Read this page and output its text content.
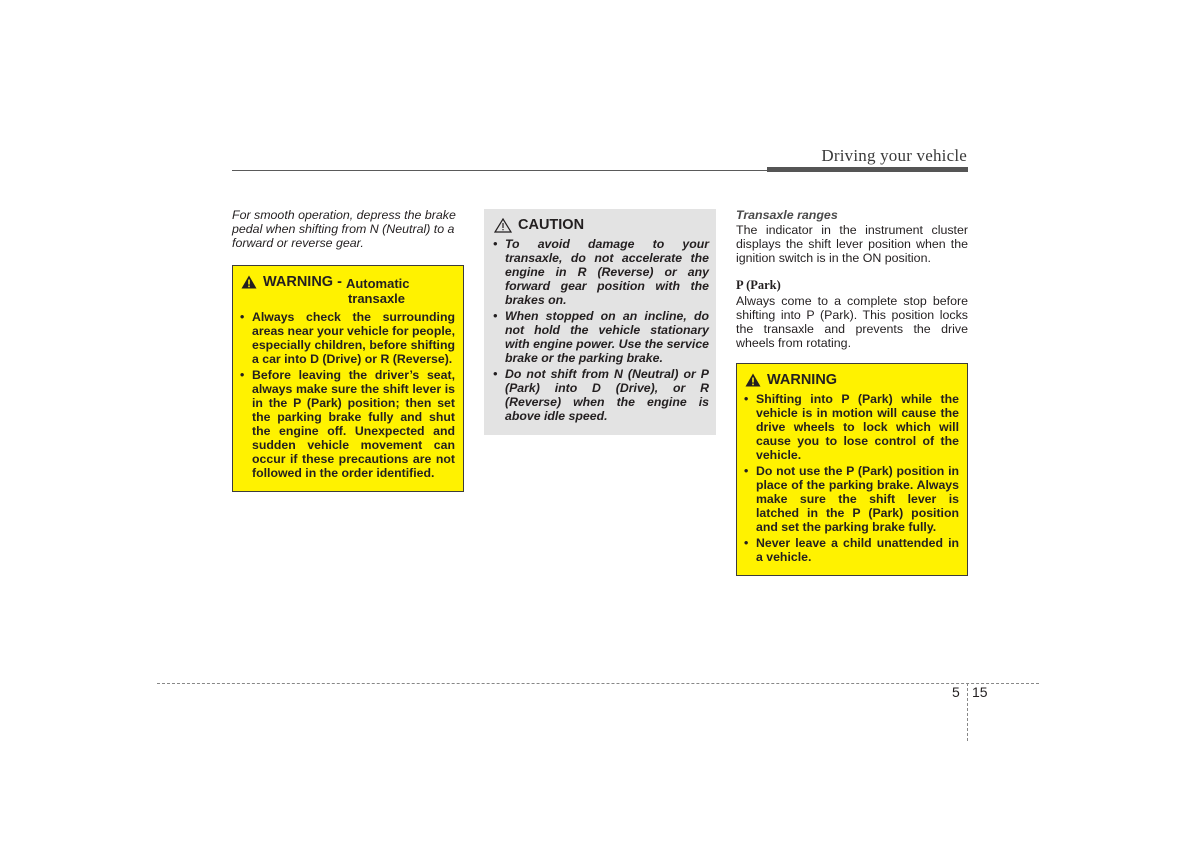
Driving your vehicle

For smooth operation, depress the brake pedal when shifting from N (Neutral) to a forward or reverse gear.

WARNING - Automatic
transaxle
• Always check the surrounding areas near your vehicle for people, especially children, before shifting a car into D (Drive) or R (Reverse).
• Before leaving the driver’s seat, always make sure the shift lever is in the P (Park) position; then set the parking brake fully and shut the engine off. Unexpected and sudden vehicle movement can occur if these precautions are not followed in the order identified.
CAUTION
• To avoid damage to your transaxle, do not accelerate the engine in R (Reverse) or any forward gear position with the brakes on.
• When stopped on an incline, do not hold the vehicle stationary with engine power. Use the service brake or the parking brake.
• Do not shift from N (Neutral) or P (Park) into D (Drive), or R (Reverse) when the engine is above idle speed.

Transaxle ranges

The indicator in the instrument cluster displays the shift lever position when the ignition switch is in the ON position.

P (Park)

Always come to a complete stop before shifting into P (Park). This position locks the transaxle and prevents the drive wheels from rotating.

WARNING
• Shifting into P (Park) while the vehicle is in motion will cause the drive wheels to lock which will cause you to lose control of the vehicle.
• Do not use the P (Park) position in place of the parking brake. Always make sure the shift lever is latched in the P (Park) position and set the parking brake fully.
• Never leave a child unattended in a vehicle.
5 15
